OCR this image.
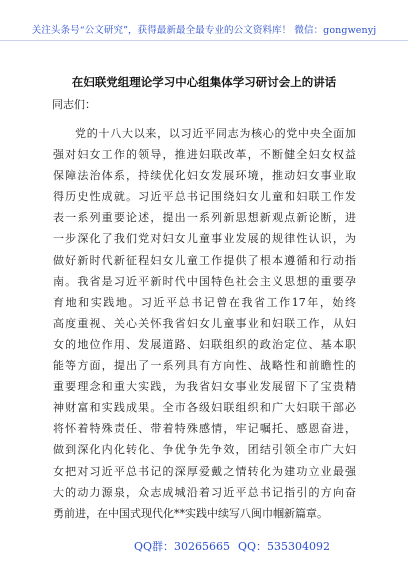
关注头条号“公文研究”，获得最新最全最专业的公文资料库！ 微信：gongwenyj
在妇联党组理论学习中心组集体学习研讨会上的讲话
同志们：
党的十八大以来，以习近平同志为核心的党中央全面加
强对妇女工作的领导，推进妇联改革，不断健全妇女权益
保障法治体系，持续优化妇女发展环境，推动妇女事业取
得历史性成就。习近平总书记围绕妇女儿童和妇联工作发
表一系列重要论述，提出一系列新思想新观点新论断，进
一步深化了我们党对妇女儿童事业发展的规律性认识，为
做好新时代新征程妇女儿童工作提供了根本遵循和行动指
南。我省是习近平新时代中国特色社会主义思想的重要孕
育地和实践地。习近平总书记曾在我省工作17年，始终
高度重视、关心关怀我省妇女儿童事业和妇联工作，从妇
女的地位作用、发展道路、妇联组织的政治定位、基本职
能等方面，提出了一系列具有方向性、战略性和前瞻性的
重要理念和重大实践，为我省妇女事业发展留下了宝贵精
神财富和实践成果。全市各级妇联组织和广大妇联干部必
将怀着特殊责任、带着特殊感情，牢记嘱托、感恩奋进，
做到深化内化转化、争优争先争效，团结引领全市广大妇
女把对习近平总书记的深厚爱戴之情转化为建功立业最强
大的动力源泉，众志成城沿着习近平总书记指引的方向奋
勇前进，在中国式现代化**实践中续写八闽巾帼新篇章。
QQ群：30265665 QQ：535304092
